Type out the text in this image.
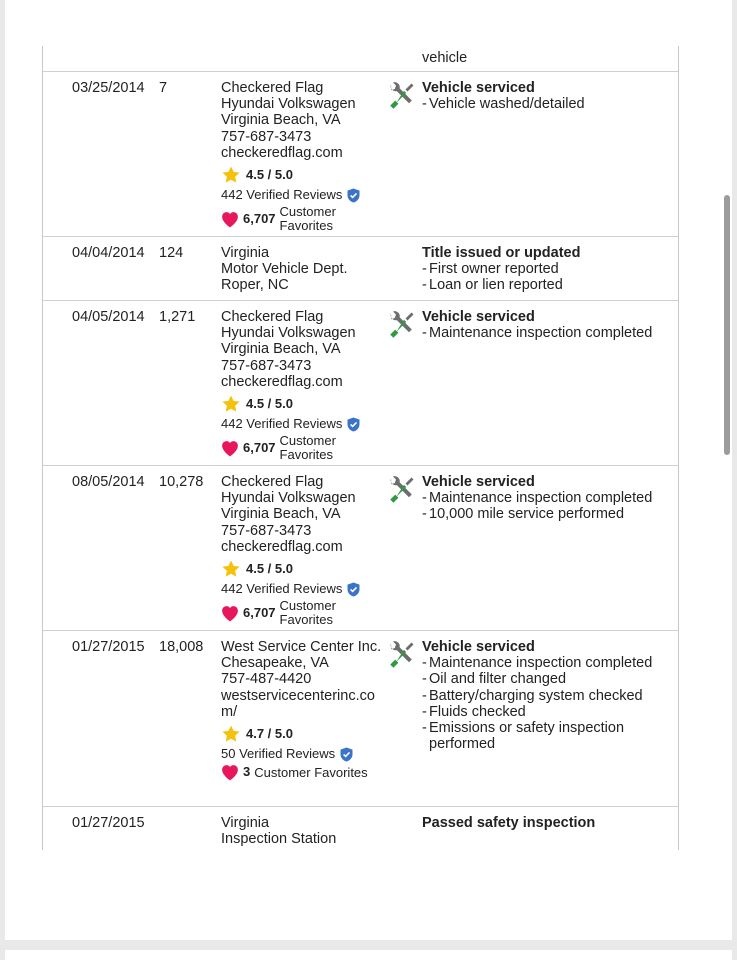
vehicle
03/25/2014 7	Checkered Flag
Hyundai Volkswagen
Virginia Beach, VA
757-687-3473
checkeredflag.com
4.5 / 5.0
442 Verified Reviews
6,707 Customer Favorites
Vehicle serviced
- Vehicle washed/detailed
04/04/2014 124	Virginia
Motor Vehicle Dept.
Roper, NC
Title issued or updated
- First owner reported
- Loan or lien reported
04/05/2014 1,271 Checkered Flag
Hyundai Volkswagen
Virginia Beach, VA
757-687-3473
checkeredflag.com
4.5 / 5.0
442 Verified Reviews
6,707 Customer Favorites
Vehicle serviced
- Maintenance inspection completed
08/05/2014 10,278 Checkered Flag
Hyundai Volkswagen
Virginia Beach, VA
757-687-3473
checkeredflag.com
4.5 / 5.0
442 Verified Reviews
6,707 Customer Favorites
Vehicle serviced
- Maintenance inspection completed
- 10,000 mile service performed
01/27/2015 18,008 West Service Center Inc.
Chesapeake, VA
757-487-4420
westservicecenterinc.com/
4.7 / 5.0
50 Verified Reviews
3 Customer Favorites
Vehicle serviced
- Maintenance inspection completed
- Oil and filter changed
- Battery/charging system checked
- Fluids checked
- Emissions or safety inspection performed
01/27/2015	Virginia
Inspection Station
Passed safety inspection
